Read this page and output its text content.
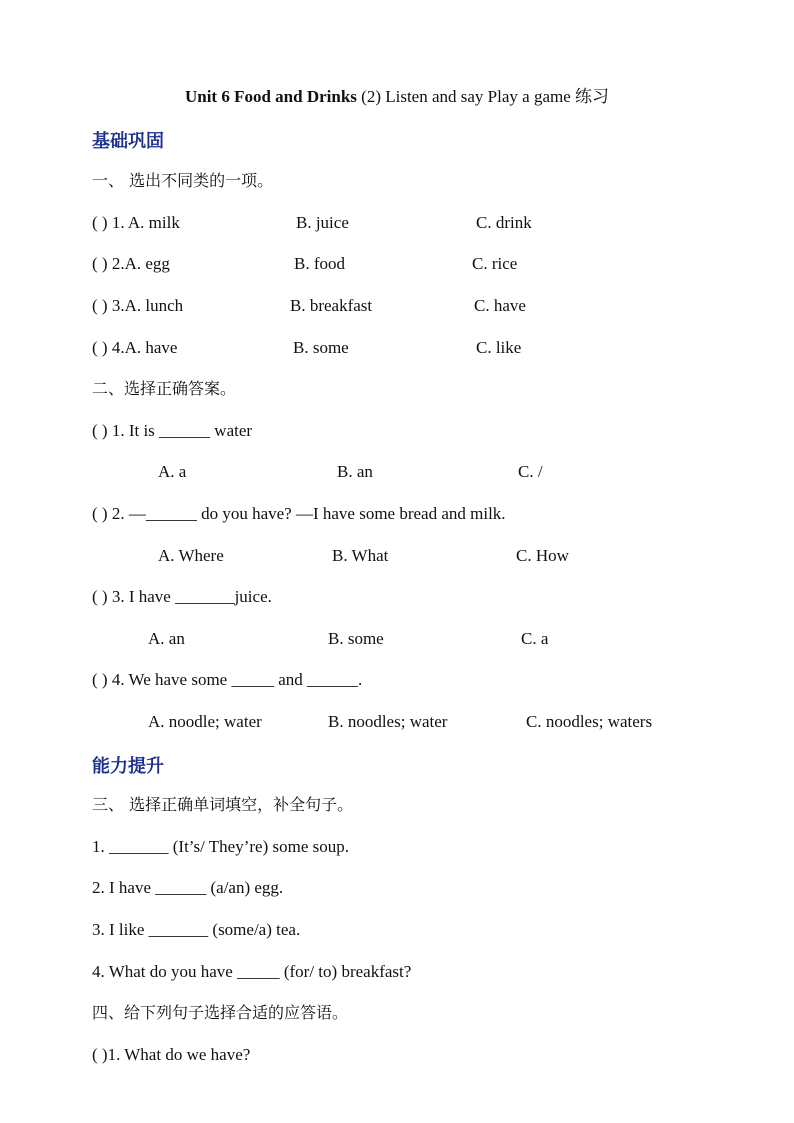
Unit 6 Food and Drinks (2) Listen and say Play a game 练习
基础巩固
一、 选出不同类的一项。
( ) 1. A. milk	B. juice	C. drink
( ) 2.A. egg	B. food	C. rice
( ) 3.A. lunch	B. breakfast	C. have
( ) 4.A. have	B. some	C. like
二、选择正确答案。
( ) 1. It is ______ water
A. a	B. an	C. /
( ) 2. —______ do you have? —I have some bread and milk.
A. Where	B. What	C. How
( ) 3. I have _______juice.
A. an	B. some	C. a
( ) 4. We have some _____ and ______.
A. noodle; water	B. noodles; water	C. noodles; waters
能力提升
三、 选择正确单词填空，补全句子。
1. _______ (It’s/ They’re) some soup.
2. I have ______ (a/an) egg.
3. I like _______ (some/a) tea.
4. What do you have _____ (for/ to) breakfast?
四、给下列句子选择合适的应答语。
( )1. What do we have?
